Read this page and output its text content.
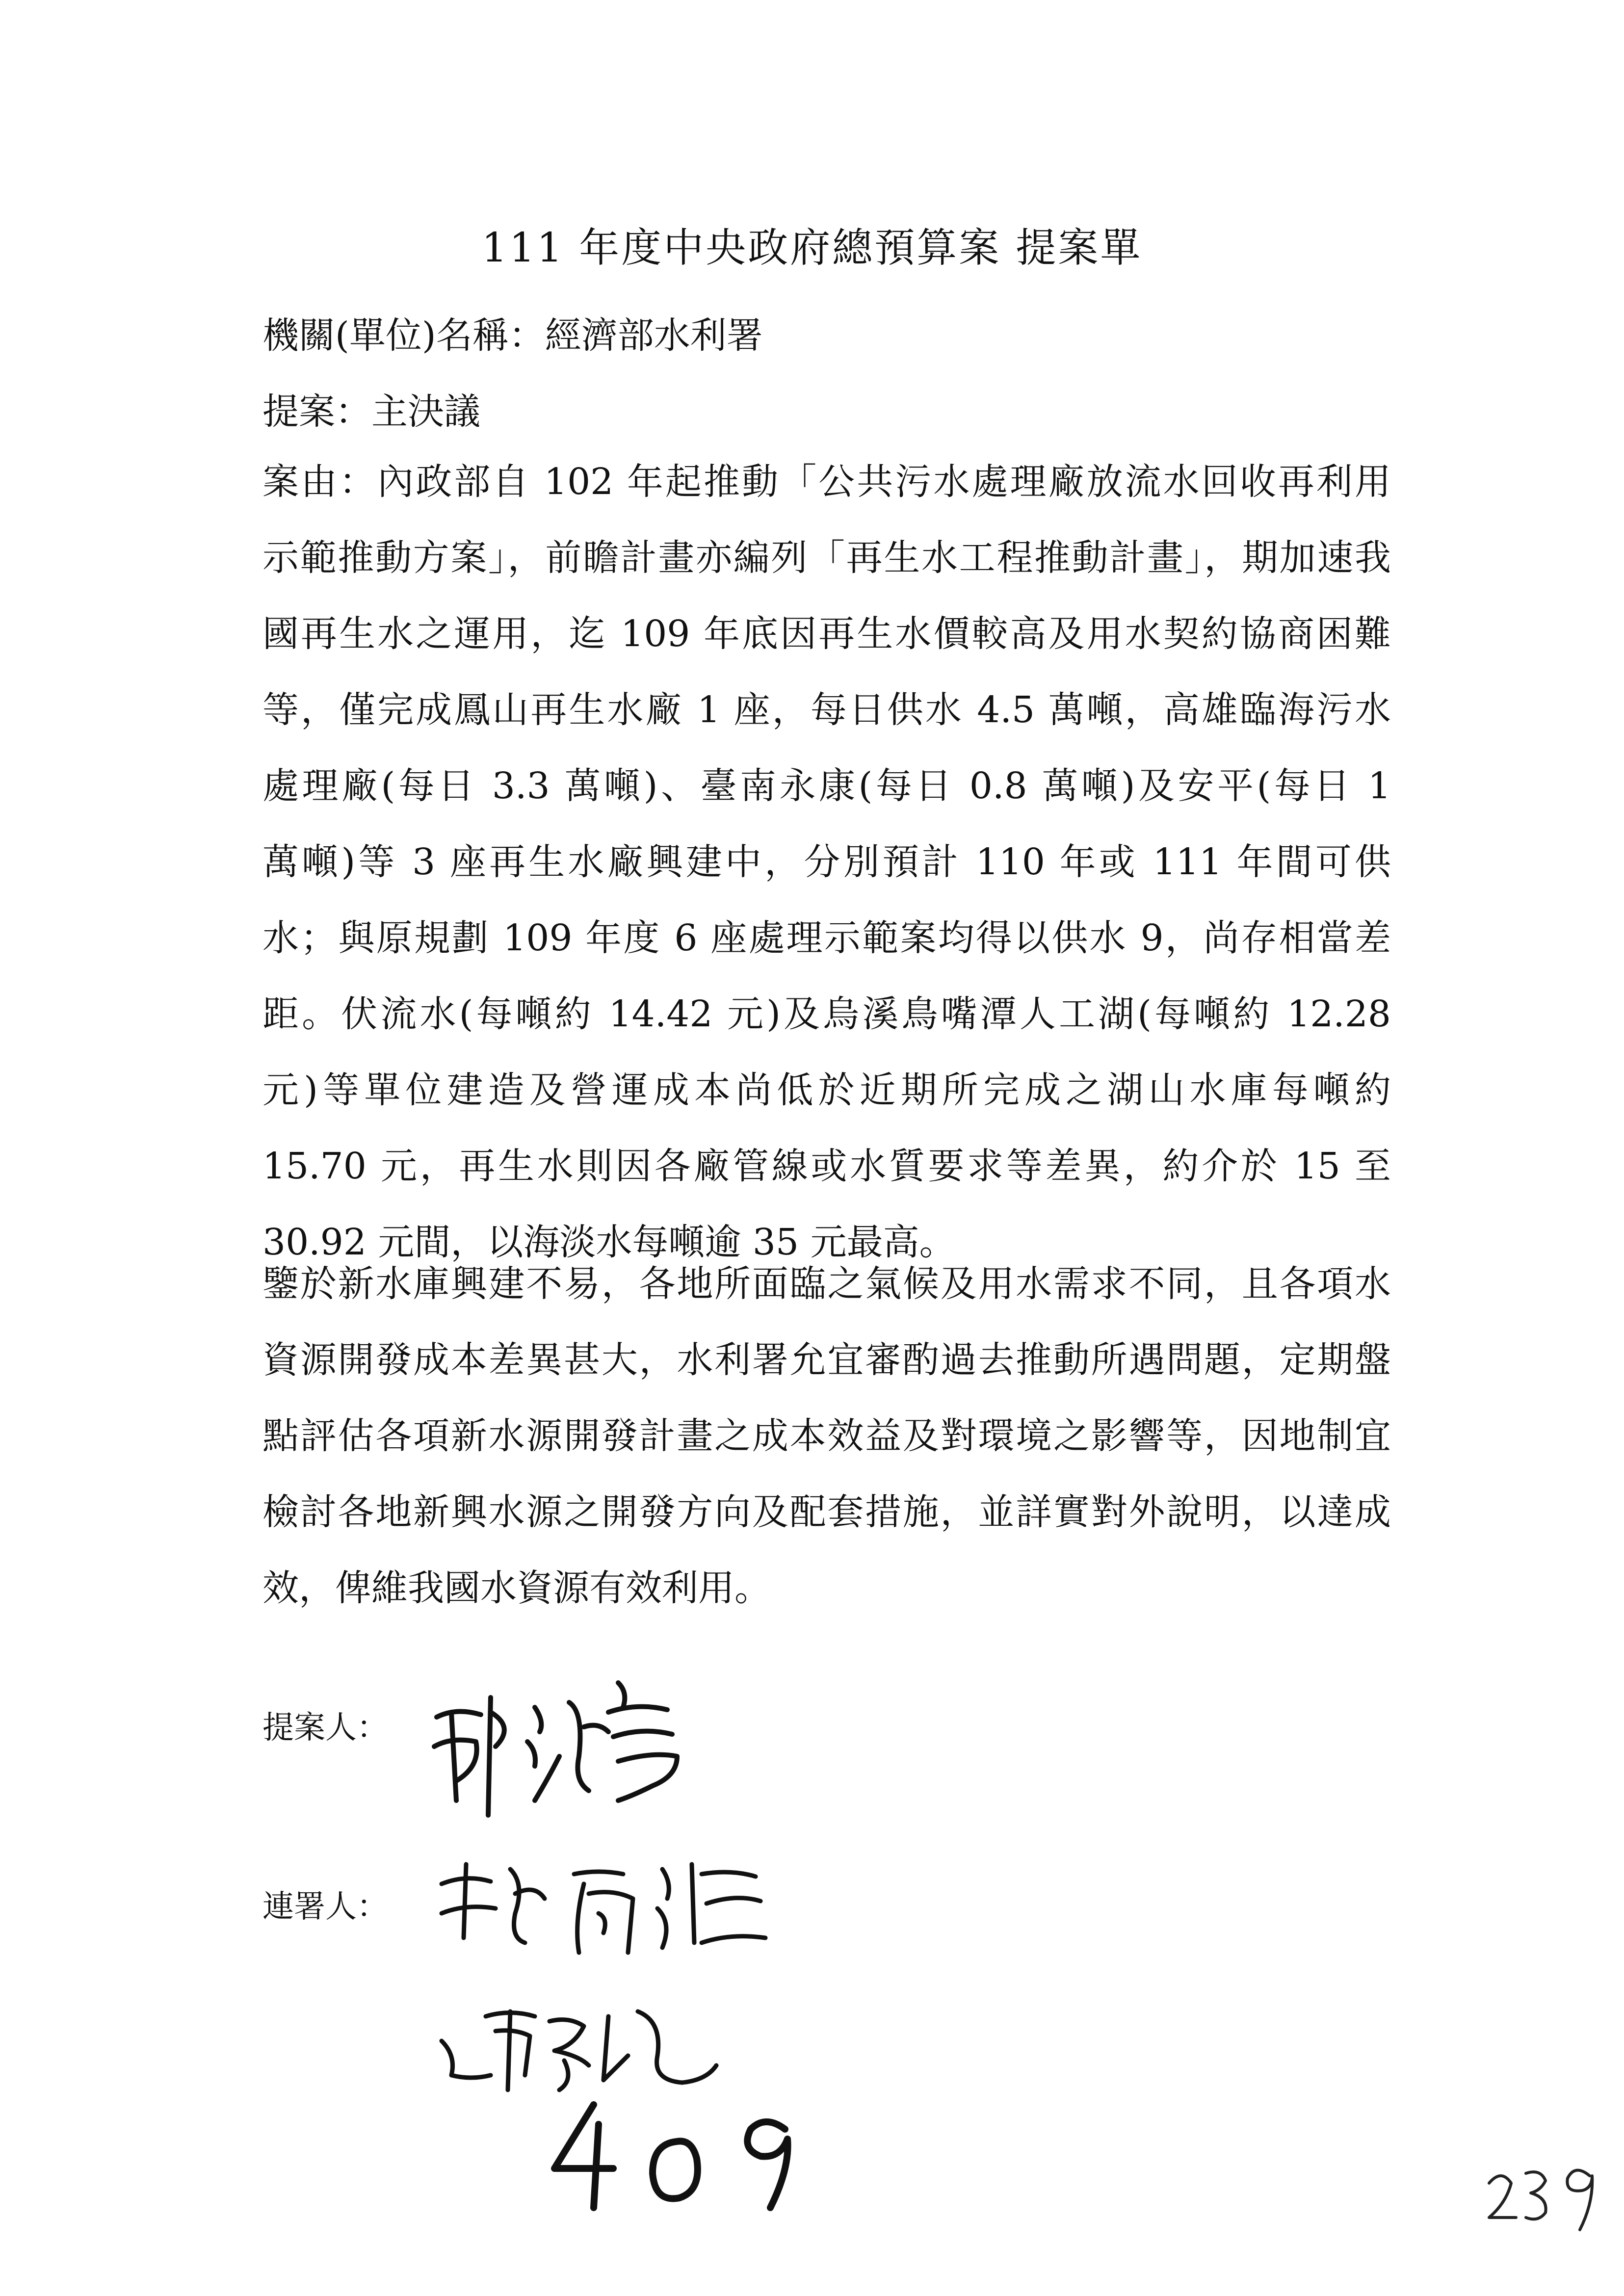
111 年度中央政府總預算案 提案單
機關(單位)名稱：經濟部水利署
提案：主決議
案由：內政部自 102 年起推動「公共污水處理廠放流水回收再利用
示範推動方案」，前瞻計畫亦編列「再生水工程推動計畫」，期加速我
國再生水之運用，迄 109 年底因再生水價較高及用水契約協商困難
等，僅完成鳳山再生水廠 1 座，每日供水 4.5 萬噸，高雄臨海污水
處理廠(每日 3.3 萬噸)、臺南永康(每日 0.8 萬噸)及安平(每日 1
萬噸)等 3 座再生水廠興建中，分別預計 110 年或 111 年間可供
水；與原規劃 109 年度 6 座處理示範案均得以供水 9，尚存相當差
距。伏流水(每噸約 14.42 元)及烏溪鳥嘴潭人工湖(每噸約 12.28
元)等單位建造及營運成本尚低於近期所完成之湖山水庫每噸約
15.70 元，再生水則因各廠管線或水質要求等差異，約介於 15 至
30.92 元間，以海淡水每噸逾 35 元最高。
鑒於新水庫興建不易，各地所面臨之氣候及用水需求不同，且各項水
資源開發成本差異甚大，水利署允宜審酌過去推動所遇問題，定期盤
點評估各項新水源開發計畫之成本效益及對環境之影響等，因地制宜
檢討各地新興水源之開發方向及配套措施，並詳實對外說明，以達成
效，俾維我國水資源有效利用。
提案人：
連署人：
